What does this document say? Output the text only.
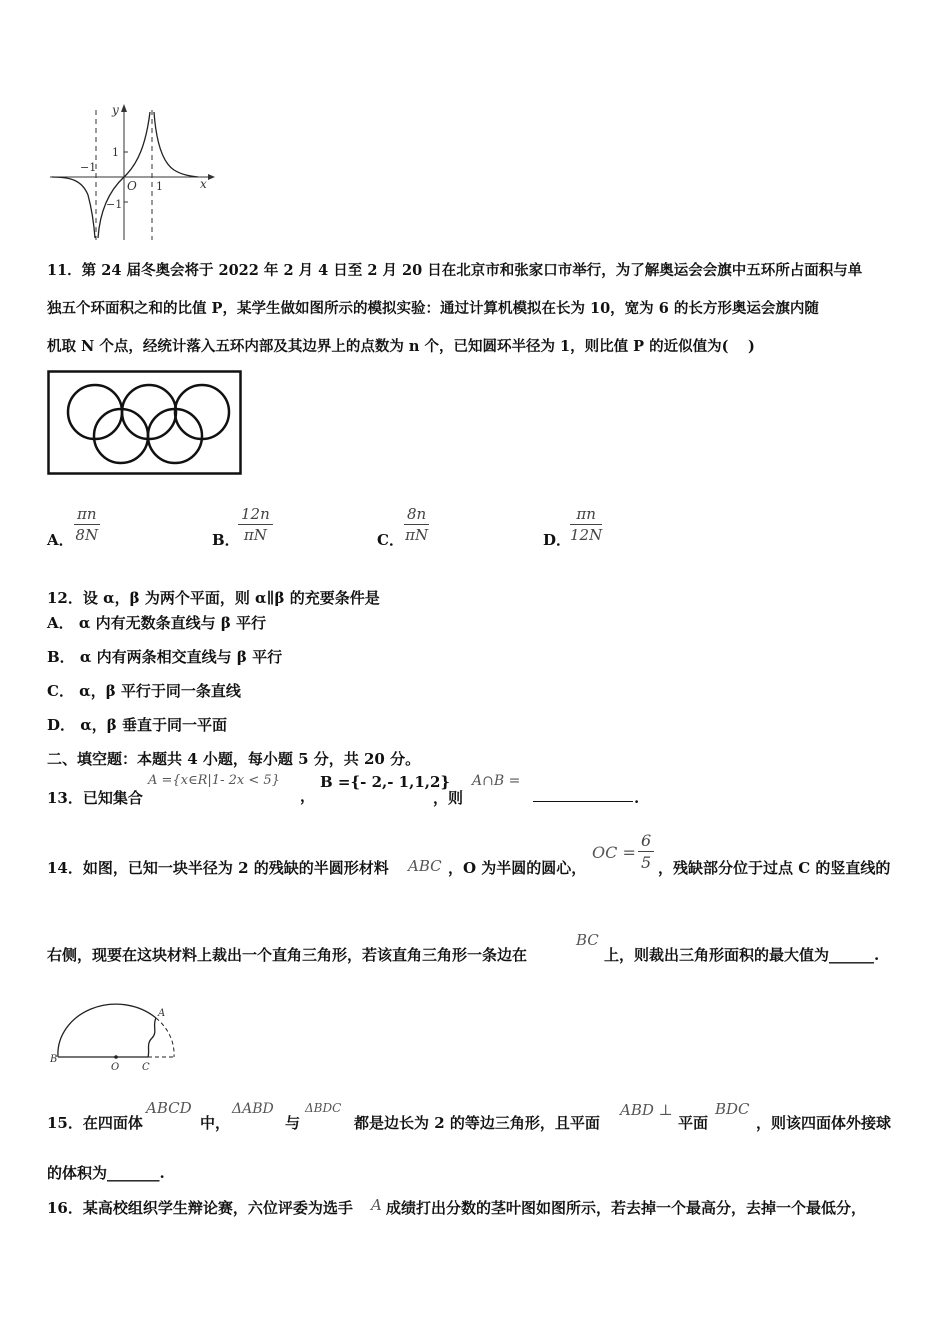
y
x
O
1
−1
−1
1
11．第 24 届冬奥会将于 2022 年 2 月 4 日至 2 月 20 日在北京市和张家口市举行，为了解奥运会会旗中五环所占面积与单
独五个环面积之和的比值 P，某学生做如图所示的模拟实验：通过计算机模拟在长为 10，宽为 6 的长方形奥运会旗内随
机取 N 个点，经统计落入五环内部及其边界上的点数为 n 个，已知圆环半径为 1，则比值 P 的近似值为(　 )
A． $\frac{\pi n}{8N}$	B．
$\frac{12n}{\pi N}$	C． $\frac{8n}{\pi N}$	D．
$\frac{\pi n}{12N}$
12．设 α，β 为两个平面，则 α∥β 的充要条件是
A． α 内有无数条直线与 β 平行
B． α 内有两条相交直线与 β 平行
C． α，β 平行于同一条直线
D． α，β 垂直于同一平面
二、填空题：本题共 4 小题，每小题 5 分，共 20 分。
13．已知集合
A ={x∈R|1- 2x < 5}
，
B ={- 2,- 1,1,2}
，则
A∩B =
.
14．如图，已知一块半径为 2 的残缺的半圆形材料 ABC ，O 为半圆的圆心，
OC = $\frac{6}{5}$ ，残缺部分位于过点 C 的竖直线的
右侧，现要在这块材料上裁出一个直角三角形，若该直角三角形一条边在
BC
上，则裁出三角形面积的最大值为______.
A
B
O C
15．在四面体
ABCD
中，
ΔABD
与
ΔBDC
都是边长为 2 的等边三角形，且平面
ABD ⊥
平面
BDC
，则该四面体外接球
的体积为_______.
16．某高校组织学生辩论赛，六位评委为选手 A 成绩打出分数的茎叶图如图所示，若去掉一个最高分，去掉一个最低分，
